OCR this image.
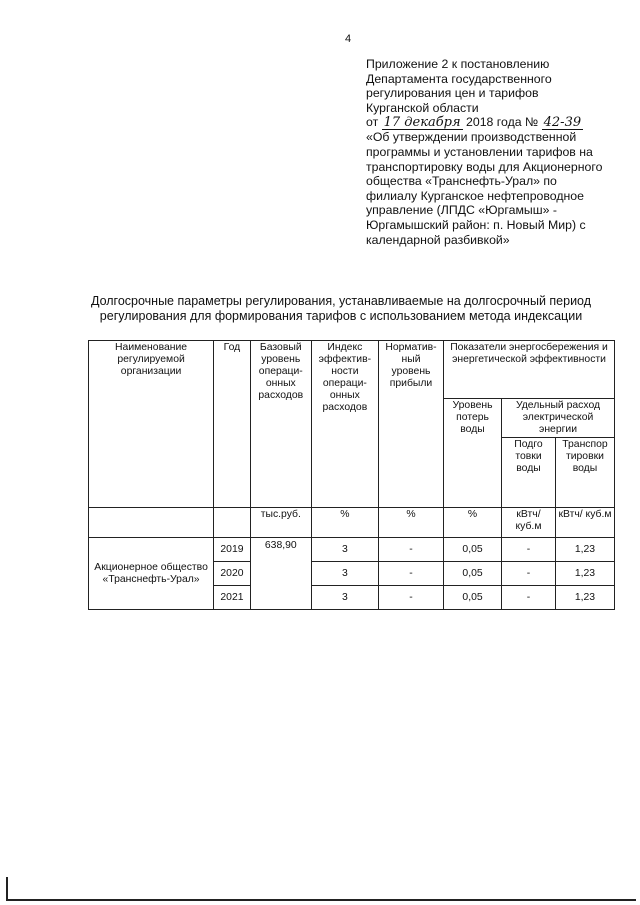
4
Приложение 2 к постановлению
Департамента государственного
регулирования цен и тарифов
Курганской области
от 17 декабря 2018 года № 42-39
«Об утверждении производственной
программы и установлении тарифов на
транспортировку воды для Акционерного
общества «Транснефть-Урал» по
филиалу Курганское нефтепроводное
управление (ЛПДС «Юргамыш» -
Юргамышский район: п. Новый Мир) с
календарной разбивкой»
Долгосрочные параметры регулирования, устанавливаемые на долгосрочный период
регулирования для формирования тарифов с использованием метода индексации
Наименование регулируемой организации	Год	Базовый уровень операци-онных расходов	Индекс эффектив-ности операци-онных расходов	Норматив-ный уровень прибыли	Показатели энергосбережения и энергетической эффективности		
					Уровень потерь воды	Удельный расход электрической энергии	
						Подго товки воды	Транспор тировки воды
		тыс.руб.	%	%	%	кВтч/ куб.м	кВтч/ куб.м
Акционерное общество «Транснефть-Урал»	2019	638,90	3	-	0,05	-	1,23
	2020		3	-	0,05	-	1,23
	2021		3	-	0,05	-	1,23
